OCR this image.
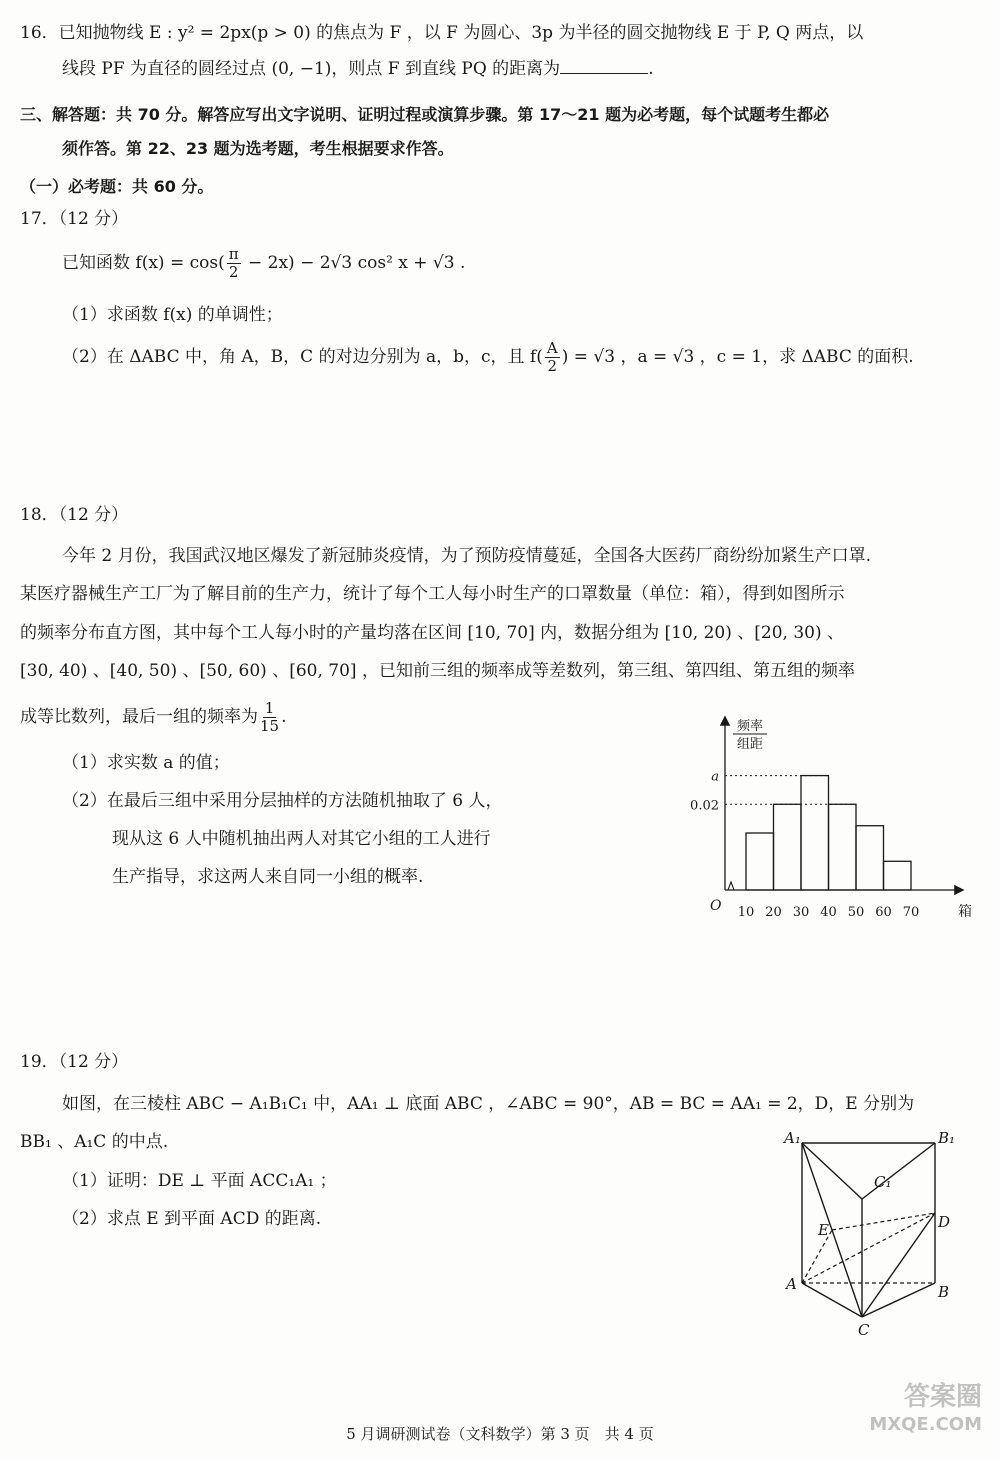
16．已知抛物线 E : y² = 2px(p > 0) 的焦点为 F ，以 F 为圆心、3p 为半径的圆交抛物线 E 于 P, Q 两点，以
线段 PF 为直径的圆经过点 (0, −1)，则点 F 到直线 PQ 的距离为	.
三、解答题：共 70 分。解答应写出文字说明、证明过程或演算步骤。第 17～21 题为必考题，每个试题考生都必
须作答。第 22、23 题为选考题，考生根据要求作答。
（一）必考题：共 60 分。
17．（12 分）
已知函数 $f(x) = \cos( \frac{\pi}{2} - 2x) - 2√3$ cos² x + √3 .
（1）求函数 f(x) 的单调性；
（2）在 ΔABC 中，角 A，B，C 的对边分别为 a，b，c，且 $f( \frac{A}{2}$ ) = √3 ，a = √3 ，c = 1，求 ΔABC 的面积.
18．（12 分）
今年 2 月份，我国武汉地区爆发了新冠肺炎疫情，为了预防疫情蔓延，全国各大医药厂商纷纷加紧生产口罩.
某医疗器械生产工厂为了解目前的生产力，统计了每个工人每小时生产的口罩数量（单位：箱），得到如图所示
的频率分布直方图，其中每个工人每小时的产量均落在区间 [10, 70] 内，数据分组为 [10, 20) 、[20, 30) 、
[30, 40) 、[40, 50) 、[50, 60) 、[60, 70] ，已知前三组的频率成等差数列，第三组、第四组、第五组的频率
成等比数列，最后一组的频率为 $\frac{1}{15}$ .
（1）求实数 a 的值；
（2）在最后三组中采用分层抽样的方法随机抽取了 6 人，
现从这 6 人中随机抽出两人对其它小组的工人进行
生产指导，求这两人来自同一小组的概率.
频率
组距
O	箱
10 20 30 40 50 60 70
a
0.02
19．（12 分）
如图，在三棱柱 ABC − A₁B₁C₁ 中，AA₁ ⊥ 底面 ABC ，∠ABC = 90°，AB = BC = AA₁ = 2，D，E 分别为
BB₁ 、A₁C 的中点.
（1）证明：DE ⊥ 平面 ACC₁A₁ ；
（2）求点 E 到平面 ACD 的距离.
A₁	B₁
C₁
E	D
A	B
C
答案圈
MXQE.COM
5 月调研测试卷（文科数学）第 3 页　共 4 页
